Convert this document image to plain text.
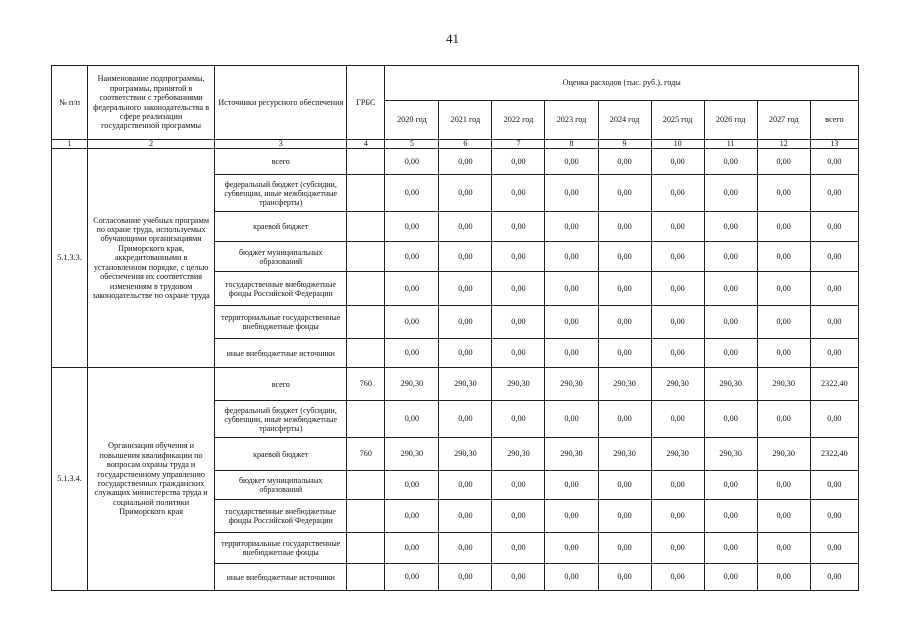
41
№ п/п	Наименование подпрограммы, программы, принятой в соответствии с требованиями федерального законодательства в сфере реализации государственной программы	Источники ресурсного обеспечения	ГРБС	Оценка расходов (тыс. руб.), годы								
				2020 год	2021 год	2022 год	2023 год	2024 год	2025 год	2026 год	2027 год	всего
1	2	3	4	5	6	7	8	9	10	11	12	13
5.1.3.3.	Согласование учебных программ по охране труда, используемых обучающими организациями Приморского края, аккредитованными в установленном порядке, с целью обеспечения их соответствия изменениям в трудовом законодательстве по охране труда	всего		0,00	0,00	0,00	0,00	0,00	0,00	0,00	0,00	0,00
		федеральный бюджет (субсидии, субвенции, иные межбюджетные трансферты)		0,00	0,00	0,00	0,00	0,00	0,00	0,00	0,00	0,00
		краевой бюджет		0,00	0,00	0,00	0,00	0,00	0,00	0,00	0,00	0,00
		бюджет муниципальных образований		0,00	0,00	0,00	0,00	0,00	0,00	0,00	0,00	0,00
		государственные внебюджетные фонды Российской Федерации		0,00	0,00	0,00	0,00	0,00	0,00	0,00	0,00	0,00
		территориальные государственные внебюджетные фонды		0,00	0,00	0,00	0,00	0,00	0,00	0,00	0,00	0,00
		иные внебюджетные источники		0,00	0,00	0,00	0,00	0,00	0,00	0,00	0,00	0,00
5.1.3.4.	Организация обучения и повышения квалификации по вопросам охраны труда и государственному управлению государственных гражданских служащих министерства труда и социальной политики Приморского края	всего	760	290,30	290,30	290,30	290,30	290,30	290,30	290,30	290,30	2322,40
		федеральный бюджет (субсидии, субвенции, иные межбюджетные трансферты)		0,00	0,00	0,00	0,00	0,00	0,00	0,00	0,00	0,00
		краевой бюджет	760	290,30	290,30	290,30	290,30	290,30	290,30	290,30	290,30	2322,40
		бюджет муниципальных образований		0,00	0,00	0,00	0,00	0,00	0,00	0,00	0,00	0,00
		государственные внебюджетные фонды Российской Федерации		0,00	0,00	0,00	0,00	0,00	0,00	0,00	0,00	0,00
		территориальные государственные внебюджетные фонды		0,00	0,00	0,00	0,00	0,00	0,00	0,00	0,00	0,00
		иные внебюджетные источники		0,00	0,00	0,00	0,00	0,00	0,00	0,00	0,00	0,00
